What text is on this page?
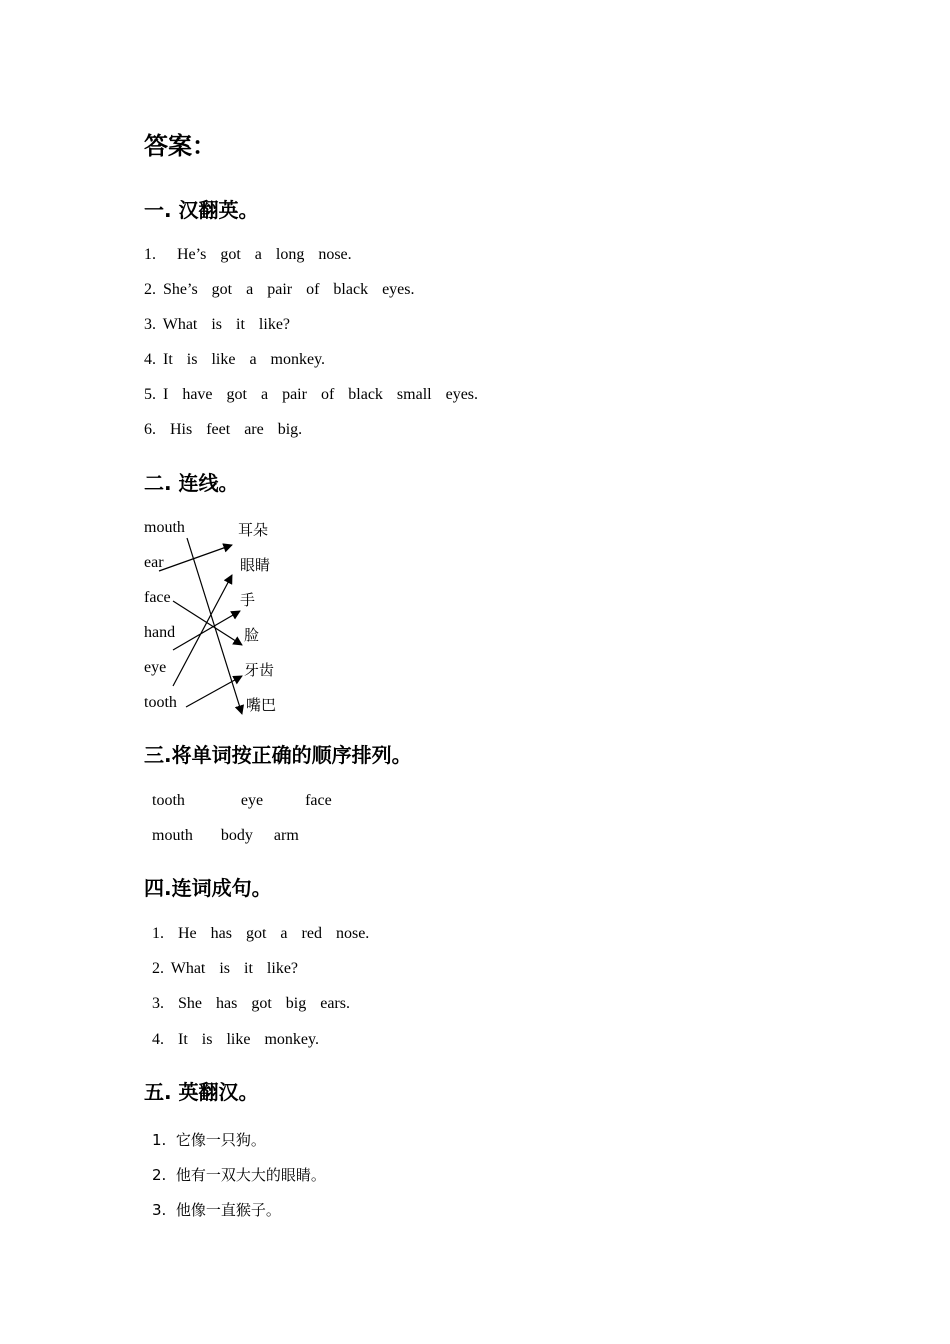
答案：
一. 汉翻英。
1.   He’s  got  a  long  nose.
2. She’s  got  a  pair  of  black  eyes.
3. What  is  it  like?
4. It  is  like  a  monkey.
5. I  have  got  a  pair  of  black  small  eyes.
6.  His  feet  are  big.
二. 连线。
mouth
ear
face
hand
eye
tooth
耳朵
眼睛
手
脸
牙齿
嘴巴
三.将单词按正确的顺序排列。
tooth        eye      face
mouth    body   arm
四.连词成句。
1.  He  has  got  a  red  nose.
2. What  is  it  like?
3.  She  has  got  big  ears.
4.  It  is  like  monkey.
五. 英翻汉。
1.  它像一只狗。
2.  他有一双大大的眼睛。
3.  他像一直猴子。
